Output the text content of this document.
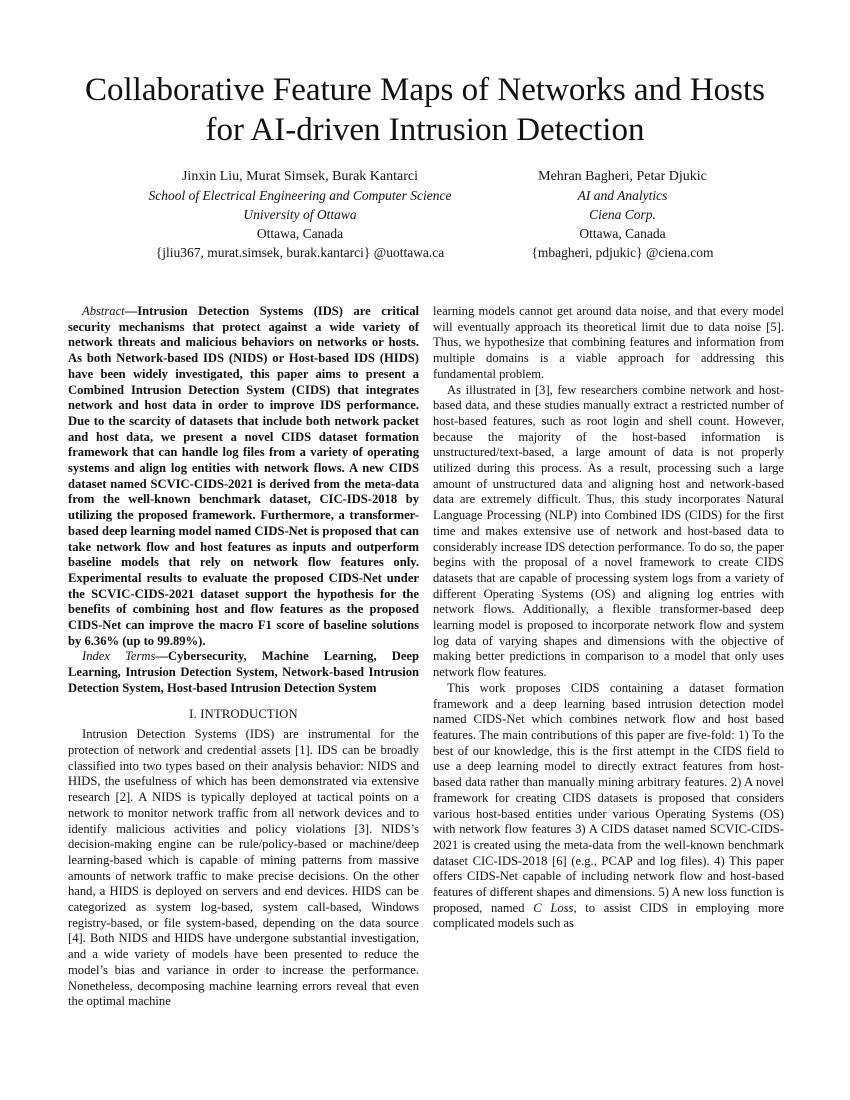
Collaborative Feature Maps of Networks and Hosts
for AI-driven Intrusion Detection
Jinxin Liu, Murat Simsek, Burak Kantarci
School of Electrical Engineering and Computer Science
University of Ottawa
Ottawa, Canada
{jliu367, murat.simsek, burak.kantarci} @uottawa.ca
Mehran Bagheri, Petar Djukic
AI and Analytics
Ciena Corp.
Ottawa, Canada
{mbagheri, pdjukic} @ciena.com

Abstract—Intrusion Detection Systems (IDS) are critical security mechanisms that protect against a wide variety of network threats and malicious behaviors on networks or hosts. As both Network-based IDS (NIDS) or Host-based IDS (HIDS) have been widely investigated, this paper aims to present a Combined Intrusion Detection System (CIDS) that integrates network and host data in order to improve IDS performance. Due to the scarcity of datasets that include both network packet and host data, we present a novel CIDS dataset formation framework that can handle log files from a variety of operating systems and align log entities with network flows. A new CIDS dataset named SCVIC-CIDS-2021 is derived from the meta-data from the well-known benchmark dataset, CIC-IDS-2018 by utilizing the proposed framework. Furthermore, a transformer-based deep learning model named CIDS-Net is proposed that can take network flow and host features as inputs and outperform baseline models that rely on network flow features only. Experimental results to evaluate the proposed CIDS-Net under the SCVIC-CIDS-2021 dataset support the hypothesis for the benefits of combining host and flow features as the proposed CIDS-Net can improve the macro F1 score of baseline solutions by 6.36% (up to 99.89%).

Index Terms—Cybersecurity, Machine Learning, Deep Learning, Intrusion Detection System, Network-based Intrusion Detection System, Host-based Intrusion Detection System

I. INTRODUCTION

Intrusion Detection Systems (IDS) are instrumental for the protection of network and credential assets [1]. IDS can be broadly classified into two types based on their analysis behavior: NIDS and HIDS, the usefulness of which has been demonstrated via extensive research [2]. A NIDS is typically deployed at tactical points on a network to monitor network traffic from all network devices and to identify malicious activities and policy violations [3]. NIDS’s decision-making engine can be rule/policy-based or machine/deep learning-based which is capable of mining patterns from massive amounts of network traffic to make precise decisions. On the other hand, a HIDS is deployed on servers and end devices. HIDS can be categorized as system log-based, system call-based, Windows registry-based, or file system-based, depending on the data source [4]. Both NIDS and HIDS have undergone substantial investigation, and a wide variety of models have been presented to reduce the model’s bias and variance in order to increase the performance. Nonetheless, decomposing machine learning errors reveal that even the optimal machine

learning models cannot get around data noise, and that every model will eventually approach its theoretical limit due to data noise [5]. Thus, we hypothesize that combining features and information from multiple domains is a viable approach for addressing this fundamental problem.

As illustrated in [3], few researchers combine network and host-based data, and these studies manually extract a restricted number of host-based features, such as root login and shell count. However, because the majority of the host-based information is unstructured/text-based, a large amount of data is not properly utilized during this process. As a result, processing such a large amount of unstructured data and aligning host and network-based data are extremely difficult. Thus, this study incorporates Natural Language Processing (NLP) into Combined IDS (CIDS) for the first time and makes extensive use of network and host-based data to considerably increase IDS detection performance. To do so, the paper begins with the proposal of a novel framework to create CIDS datasets that are capable of processing system logs from a variety of different Operating Systems (OS) and aligning log entries with network flows. Additionally, a flexible transformer-based deep learning model is proposed to incorporate network flow and system log data of varying shapes and dimensions with the objective of making better predictions in comparison to a model that only uses network flow features.

This work proposes CIDS containing a dataset formation framework and a deep learning based intrusion detection model named CIDS-Net which combines network flow and host based features. The main contributions of this paper are five-fold: 1) To the best of our knowledge, this is the first attempt in the CIDS field to use a deep learning model to directly extract features from host-based data rather than manually mining arbitrary features. 2) A novel framework for creating CIDS datasets is proposed that considers various host-based entities under various Operating Systems (OS) with network flow features 3) A CIDS dataset named SCVIC-CIDS-2021 is created using the meta-data from the well-known benchmark dataset CIC-IDS-2018 [6] (e.g., PCAP and log files). 4) This paper offers CIDS-Net capable of including network flow and host-based features of different shapes and dimensions. 5) A new loss function is proposed, named C Loss, to assist CIDS in employing more complicated models such as
